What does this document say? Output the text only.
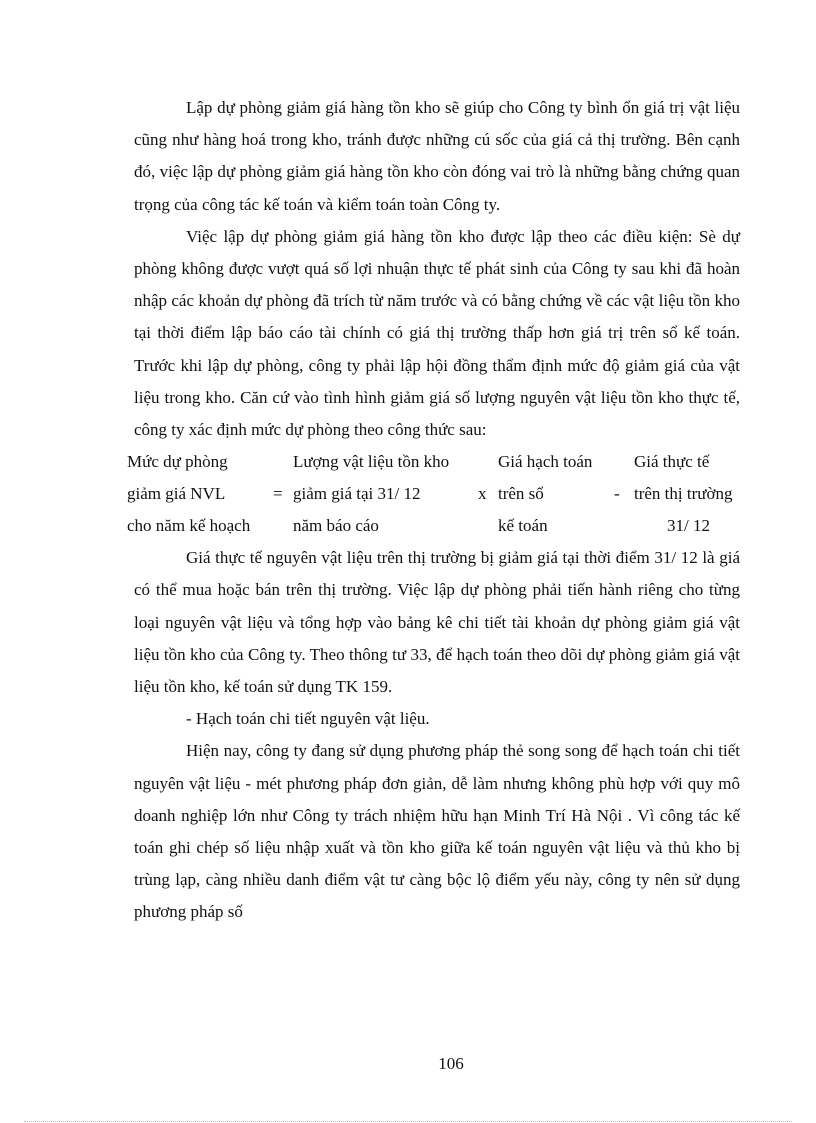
Lập dự phòng giảm giá hàng tồn kho sẽ giúp cho Công ty bình ổn giá trị vật liệu cũng như hàng hoá trong kho, tránh được những cú sốc của giá cả thị trường. Bên cạnh đó, việc lập dự phòng giảm giá hàng tồn kho còn đóng vai trò là những bằng chứng quan trọng của công tác kế toán và kiểm toán toàn Công ty.

Việc lập dự phòng giảm giá hàng tồn kho được lập theo các điều kiện: Sè dự phòng không được vượt quá số lợi nhuận thực tế phát sinh của Công ty sau khi đã hoàn nhập các khoản dự phòng đã trích từ năm trước và có bằng chứng về các vật liệu tồn kho tại thời điểm lập báo cáo tài chính có giá thị trường thấp hơn giá trị trên sổ kế toán. Trước khi lập dự phòng, công ty phải lập hội đồng thẩm định mức độ giảm giá của vật liệu trong kho. Căn cứ vào tình hình giảm giá số lượng nguyên vật liệu tồn kho thực tế, công ty xác định mức dự phòng theo công thức sau:

Mức dự phòng
giảm giá NVL
cho năm kế hoạch
=
Lượng vật liệu tồn kho
giảm giá tại 31/ 12
năm báo cáo
x
Giá hạch toán
trên sổ
kế toán
-
Giá thực tế
trên thị trường
31/ 12

Giá thực tế nguyên vật liệu trên thị trường bị giảm giá tại thời điểm 31/ 12 là giá có thể mua hoặc bán trên thị trường. Việc lập dự phòng phải tiến hành riêng cho từng loại nguyên vật liệu và tổng hợp vào bảng kê chi tiết tài khoản dự phòng giảm giá vật liệu tồn kho của Công ty. Theo thông tư 33, để hạch toán theo dõi dự phòng giảm giá vật liệu tồn kho, kế toán sử dụng TK 159.

- Hạch toán chi tiết nguyên vật liệu.

Hiện nay, công ty đang sử dụng phương pháp thẻ song song để hạch toán chi tiết nguyên vật liệu - mét phương pháp đơn giản, dễ làm nhưng không phù hợp với quy mô doanh nghiệp lớn như Công ty trách nhiệm hữu hạn Minh Trí Hà Nội . Vì công tác kế toán ghi chép số liệu nhập xuất và tồn kho giữa kế toán nguyên vật liệu và thủ kho bị trùng lạp, càng nhiều danh điểm vật tư càng bộc lộ điểm yếu này, công ty nên sử dụng phương pháp số

106
